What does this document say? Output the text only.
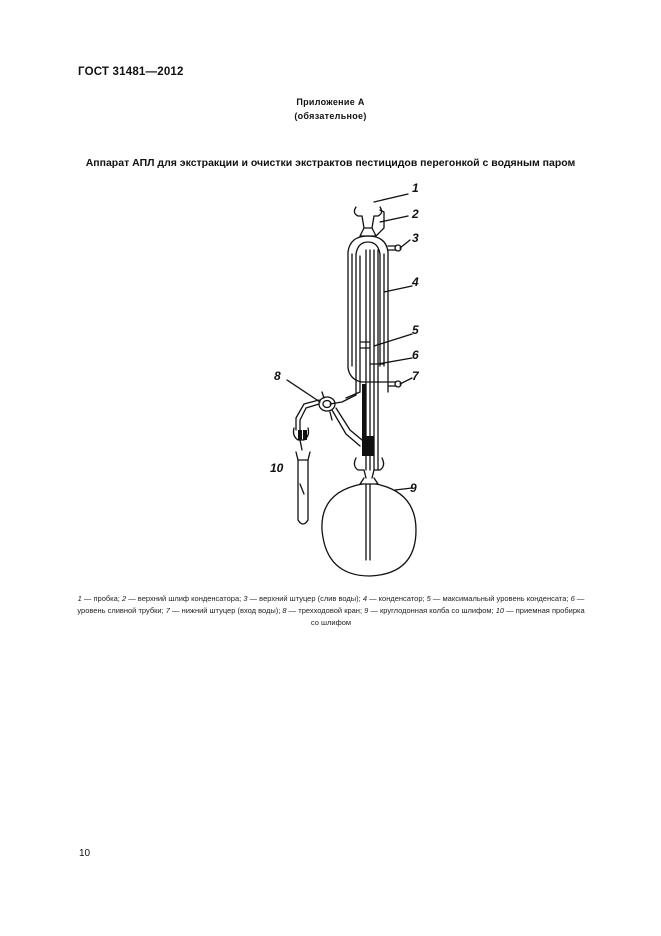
ГОСТ 31481—2012
Приложение А
(обязательное)
Аппарат АПЛ для экстракции и очистки экстрактов пестицидов перегонкой с водяным паром
1
2
3
4
5
6
7
8
9
10
1 — пробка; 2 — верхний шлиф конденсатора; 3 — верхний штуцер (слив воды); 4 — конденсатор; 5 — максимальный уровень конденсата; 6 — уровень сливной трубки; 7 — нижний штуцер (вход воды); 8 — трехходовой кран; 9 — круглодонная колба со шлифом; 10 — приемная пробирка со шлифом
10
